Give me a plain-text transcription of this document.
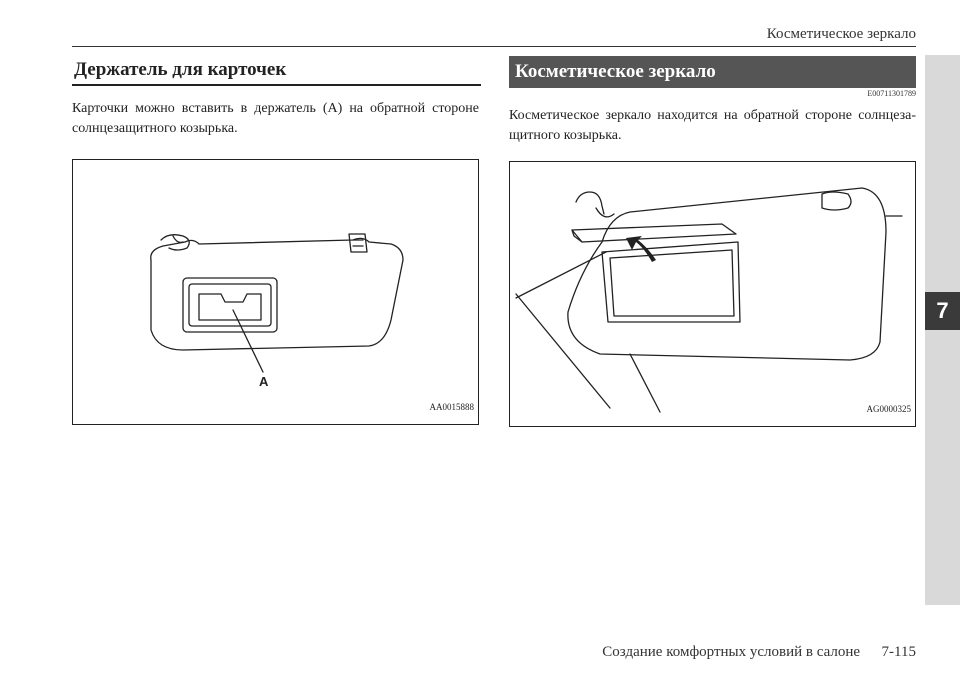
Косметическое зеркало
7
Держатель для карточек
Карточки можно вставить в держатель (A) на обратной стороне солнцезащитного козырька.
A
AA0015888
Косметическое зеркало
E00711301789
Косметическое зеркало находится на обратной стороне солнцеза-щитного козырька.
AG0000325
Создание комфортных условий в салоне 7-115
